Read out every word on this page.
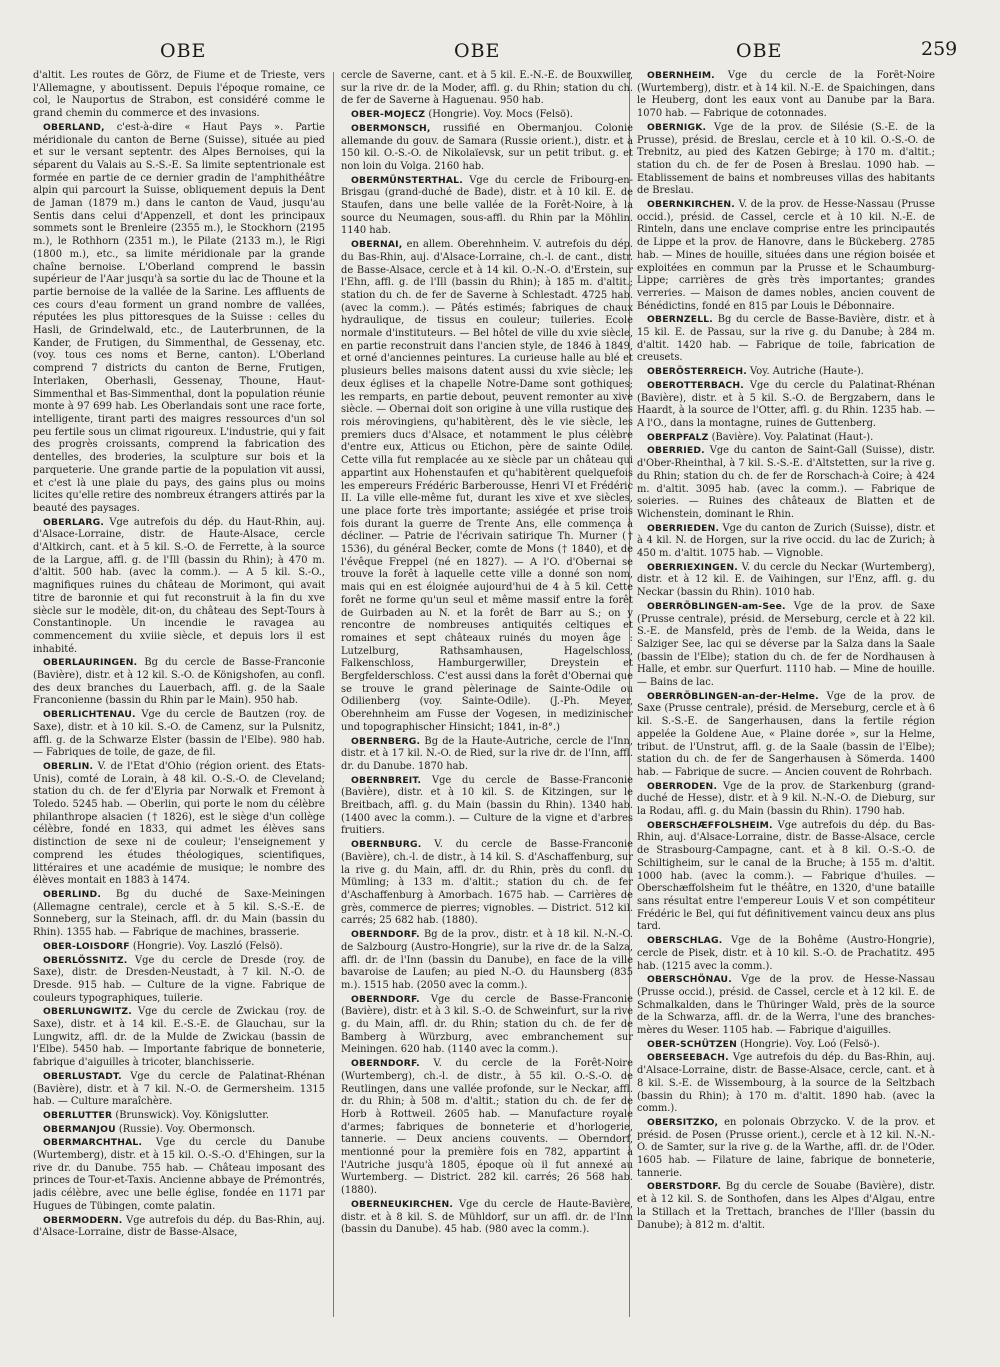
OBE	OBE	OBE	259

d'altit. Les routes de Görz, de Fiume et de Trieste, vers l'Allemagne, y aboutissent. Depuis l'époque romaine, ce col, le Nauportus de Strabon, est considéré comme le grand chemin du commerce et des invasions.

OBERLAND, c'est-à-dire « Haut Pays ». Partie méridionale du canton de Berne (Suisse), située au pied et sur le versant septentr. des Alpes Bernoises, qui la séparent du Valais au S.-S.-E. Sa limite septentrionale est formée en partie de ce dernier gradin de l'amphithéâtre alpin qui parcourt la Suisse, obliquement depuis la Dent de Jaman (1879 m.) dans le canton de Vaud, jusqu'au Sentis dans celui d'Appenzell, et dont les principaux sommets sont le Brenleire (2355 m.), le Stockhorn (2195 m.), le Rothhorn (2351 m.), le Pilate (2133 m.), le Rigi (1800 m.), etc., sa limite méridionale par la grande chaîne bernoise. L'Oberland comprend le bassin supérieur de l'Aar jusqu'à sa sortie du lac de Thoune et la partie bernoise de la vallée de la Sarine. Les affluents de ces cours d'eau forment un grand nombre de vallées, réputées les plus pittoresques de la Suisse : celles du Hasli, de Grindelwald, etc., de Lauterbrunnen, de la Kander, de Frutigen, du Simmenthal, de Gessenay, etc. (voy. tous ces noms et Berne, canton). L'Oberland comprend 7 districts du canton de Berne, Frutigen, Interlaken, Oberhasli, Gessenay, Thoune, Haut-Simmenthal et Bas-Simmenthal, dont la population réunie monte à 97 699 hab. Les Oberlandais sont une race forte, intelligente, tirant parti des maigres ressources d'un sol peu fertile sous un climat rigoureux. L'industrie, qui y fait des progrès croissants, comprend la fabrication des dentelles, des broderies, la sculpture sur bois et la parqueterie. Une grande partie de la population vit aussi, et c'est là une plaie du pays, des gains plus ou moins licites qu'elle retire des nombreux étrangers attirés par la beauté des paysages.

OBERLARG. Vge autrefois du dép. du Haut-Rhin, auj. d'Alsace-Lorraine, distr. de Haute-Alsace, cercle d'Altkirch, cant. et à 5 kil. S.-O. de Ferrette, à la source de la Largue, affl. g. de l'Ill (bassin du Rhin); à 470 m. d'altit. 500 hab. (avec la comm.). — A 5 kil. S.-O., magnifiques ruines du château de Morimont, qui avait titre de baronnie et qui fut reconstruit à la fin du xve siècle sur le modèle, dit-on, du château des Sept-Tours à Constantinople. Un incendie le ravagea au commencement du xviiie siècle, et depuis lors il est inhabité.

OBERLAURINGEN. Bg du cercle de Basse-Franconie (Bavière), distr. et à 12 kil. S.-O. de Königshofen, au confl. des deux branches du Lauerbach, affl. g. de la Saale Franconienne (bassin du Rhin par le Main). 950 hab.

OBERLICHTENAU. Vge du cercle de Bautzen (roy. de Saxe), distr. et à 10 kil. S.-O. de Camenz, sur la Pulsnitz, affl. g. de la Schwarze Elster (bassin de l'Elbe). 980 hab. — Fabriques de toile, de gaze, de fil.

OBERLIN. V. de l'Etat d'Ohio (région orient. des Etats-Unis), comté de Lorain, à 48 kil. O.-S.-O. de Cleveland; station du ch. de fer d'Elyria par Norwalk et Fremont à Toledo. 5245 hab. — Oberlin, qui porte le nom du célèbre philanthrope alsacien († 1826), est le siège d'un collège célèbre, fondé en 1833, qui admet les élèves sans distinction de sexe ni de couleur; l'enseignement y comprend les études théologiques, scientifiques, littéraires et une académie de musique; le nombre des élèves montait en 1883 à 1474.

OBERLIND. Bg du duché de Saxe-Meiningen (Allemagne centrale), cercle et à 5 kil. S.-S.-E. de Sonneberg, sur la Steinach, affl. dr. du Main (bassin du Rhin). 1355 hab. — Fabrique de machines, brasserie.

OBER-LOISDORF (Hongrie). Voy. Laszló (Felsö).

OBERLÖSSNITZ. Vge du cercle de Dresde (roy. de Saxe), distr. de Dresden-Neustadt, à 7 kil. N.-O. de Dresde. 915 hab. — Culture de la vigne. Fabrique de couleurs typographiques, tuilerie.

OBERLUNGWITZ. Vge du cercle de Zwickau (roy. de Saxe), distr. et à 14 kil. E.-S.-E. de Glauchau, sur la Lungwitz, affl. dr. de la Mulde de Zwickau (bassin de l'Elbe). 5450 hab. — Importante fabrique de bonneterie, fabrique d'aiguilles à tricoter, blanchisserie.

OBERLUSTADT. Vge du cercle de Palatinat-Rhénan (Bavière), distr. et à 7 kil. N.-O. de Germersheim. 1315 hab. — Culture maraîchère.

OBERLUTTER (Brunswick). Voy. Königslutter.

OBERMANJOU (Russie). Voy. Obermonsch.

OBERMARCHTHAL. Vge du cercle du Danube (Wurtemberg), distr. et à 15 kil. O.-S.-O. d'Ehingen, sur la rive dr. du Danube. 755 hab. — Château imposant des princes de Tour-et-Taxis. Ancienne abbaye de Prémontrés, jadis célèbre, avec une belle église, fondée en 1171 par Hugues de Tübingen, comte palatin.

OBERMODERN. Vge autrefois du dép. du Bas-Rhin, auj. d'Alsace-Lorraine, distr de Basse-Alsace,

cercle de Saverne, cant. et à 5 kil. E.-N.-E. de Bouxwiller, sur la rive dr. de la Moder, affl. g. du Rhin; station du ch. de fer de Saverne à Haguenau. 950 hab.

OBER-MOJECZ (Hongrie). Voy. Mocs (Felsö).

OBERMONSCH, russifié en Obermanjou. Colonie allemande du gouv. de Samara (Russie orient.), distr. et à 150 kil. O.-S.-O. de Nikolaïevsk, sur un petit tribut. g. et non loin du Volga. 2160 hab.

OBERMÜNSTERTHAL. Vge du cercle de Fribourg-en-Brisgau (grand-duché de Bade), distr. et à 10 kil. E. de Staufen, dans une belle vallée de la Forêt-Noire, à la source du Neumagen, sous-affl. du Rhin par la Möhlin. 1140 hab.

OBERNAI, en allem. Oberehnheim. V. autrefois du dép. du Bas-Rhin, auj. d'Alsace-Lorraine, ch.-l. de cant., distr. de Basse-Alsace, cercle et à 14 kil. O.-N.-O. d'Erstein, sur l'Ehn, affl. g. de l'Ill (bassin du Rhin); à 185 m. d'altit.; station du ch. de fer de Saverne à Schlestadt. 4725 hab. (avec la comm.). — Pâtés estimés; fabriques de chaux hydraulique, de tissus en couleur; tuileries. Ecole normale d'instituteurs. — Bel hôtel de ville du xvie siècle, en partie reconstruit dans l'ancien style, de 1846 à 1849, et orné d'anciennes peintures. La curieuse halle au blé et plusieurs belles maisons datent aussi du xvie siècle; les deux églises et la chapelle Notre-Dame sont gothiques; les remparts, en partie debout, peuvent remonter au xive siècle. — Obernai doit son origine à une villa rustique des rois mérovingiens, qu'habitèrent, dès le vie siècle, les premiers ducs d'Alsace, et notamment le plus célèbre d'entre eux, Atticus ou Etichon, père de sainte Odile. Cette villa fut remplacée au xe siècle par un château qui appartint aux Hohenstaufen et qu'habitèrent quelquefois les empereurs Frédéric Barberousse, Henri VI et Frédéric II. La ville elle-même fut, durant les xive et xve siècles, une place forte très importante; assiégée et prise trois fois durant la guerre de Trente Ans, elle commença à décliner. — Patrie de l'écrivain satirique Th. Murner († 1536), du général Becker, comte de Mons († 1840), et de l'évêque Freppel (né en 1827). — A l'O. d'Obernai se trouve la forêt à laquelle cette ville a donné son nom, mais qui en est éloignée aujourd'hui de 4 à 5 kil. Cette forêt ne forme qu'un seul et même massif entre la forêt de Guirbaden au N. et la forêt de Barr au S.; on y rencontre de nombreuses antiquités celtiques et romaines et sept châteaux ruinés du moyen âge : Lutzelburg, Rathsamhausen, Hagelschloss, Falkenschloss, Hamburgerwiller, Dreystein et Bergfelderschloss. C'est aussi dans la forêt d'Obernai que se trouve le grand pèlerinage de Sainte-Odile ou Odilienberg (voy. Sainte-Odile). (J.-Ph. Meyer, Oberehnheim am Fusse der Vogesen, in medizinischer und topographischer Hinsicht; 1841, in-8°.)

OBERNBERG. Bg de la Haute-Autriche, cercle de l'Inn, distr. et à 17 kil. N.-O. de Ried, sur la rive dr. de l'Inn, affl. dr. du Danube. 1870 hab.

OBERNBREIT. Vge du cercle de Basse-Franconie (Bavière), distr. et à 10 kil. S. de Kitzingen, sur le Breitbach, affl. g. du Main (bassin du Rhin). 1340 hab. (1400 avec la comm.). — Culture de la vigne et d'arbres fruitiers.

OBERNBURG. V. du cercle de Basse-Franconie (Bavière), ch.-l. de distr., à 14 kil. S. d'Aschaffenburg, sur la rive g. du Main, affl. dr. du Rhin, près du confl. du Mümling; à 133 m. d'altit.; station du ch. de fer d'Aschaffenburg à Amorbach. 1675 hab. — Carrières de grès, commerce de pierres; vignobles. — District. 512 kil. carrés; 25 682 hab. (1880).

OBERNDORF. Bg de la prov., distr. et à 18 kil. N.-N.-O. de Salzbourg (Austro-Hongrie), sur la rive dr. de la Salza, affl. dr. de l'Inn (bassin du Danube), en face de la ville bavaroise de Laufen; au pied N.-O. du Haunsberg (835 m.). 1515 hab. (2050 avec la comm.).

OBERNDORF. Vge du cercle de Basse-Franconie (Bavière), distr. et à 3 kil. S.-O. de Schweinfurt, sur la rive g. du Main, affl. dr. du Rhin; station du ch. de fer de Bamberg à Würzburg, avec embranchement sur Meiningen. 620 hab. (1140 avec la comm.).

OBERNDORF. V. du cercle de la Forêt-Noire (Wurtemberg), ch.-l. de distr., à 55 kil. O.-S.-O. de Reutlingen, dans une vallée profonde, sur le Neckar, affl. dr. du Rhin; à 508 m. d'altit.; station du ch. de fer de Horb à Rottweil. 2605 hab. — Manufacture royale d'armes; fabriques de bonneterie et d'horlogerie, tannerie. — Deux anciens couvents. — Oberndorf, mentionné pour la première fois en 782, appartint à l'Autriche jusqu'à 1805, époque où il fut annexé au Wurtemberg. — District. 282 kil. carrés; 26 568 hab. (1880).

OBERNEUKIRCHEN. Vge du cercle de Haute-Bavière, distr. et à 8 kil. S. de Mühldorf, sur un affl. dr. de l'Inn (bassin du Danube). 45 hab. (980 avec la comm.).

OBERNHEIM. Vge du cercle de la Forêt-Noire (Wurtemberg), distr. et à 14 kil. N.-E. de Spaichingen, dans le Heuberg, dont les eaux vont au Danube par la Bara. 1070 hab. — Fabrique de cotonnades.

OBERNIGK. Vge de la prov. de Silésie (S.-E. de la Prusse), présid. de Breslau, cercle et à 10 kil. O.-S.-O. de Trebnitz, au pied des Katzen Gebirge; à 170 m. d'altit.; station du ch. de fer de Posen à Breslau. 1090 hab. — Etablissement de bains et nombreuses villas des habitants de Breslau.

OBERNKIRCHEN. V. de la prov. de Hesse-Nassau (Prusse occid.), présid. de Cassel, cercle et à 10 kil. N.-E. de Rinteln, dans une enclave comprise entre les principautés de Lippe et la prov. de Hanovre, dans le Bückeberg. 2785 hab. — Mines de houille, situées dans une région boisée et exploitées en commun par la Prusse et le Schaumburg-Lippe; carrières de grès très importantes; grandes verreries. — Maison de dames nobles, ancien couvent de Bénédictins, fondé en 815 par Louis le Débonnaire.

OBERNZELL. Bg du cercle de Basse-Bavière, distr. et à 15 kil. E. de Passau, sur la rive g. du Danube; à 284 m. d'altit. 1420 hab. — Fabrique de toile, fabrication de creusets.

OBERÖSTERREICH. Voy. Autriche (Haute-).

OBEROTTERBACH. Vge du cercle du Palatinat-Rhénan (Bavière), distr. et à 5 kil. S.-O. de Bergzabern, dans le Haardt, à la source de l'Otter, affl. g. du Rhin. 1235 hab. — A l'O., dans la montagne, ruines de Guttenberg.

OBERPFALZ (Bavière). Voy. Palatinat (Haut-).

OBERRIED. Vge du canton de Saint-Gall (Suisse), distr. d'Ober-Rheinthal, à 7 kil. S.-S.-E. d'Altstetten, sur la rive g. du Rhin; station du ch. de fer de Rorschach-à Coire; à 424 m. d'altit. 3095 hab. (avec la comm.). — Fabrique de soieries. — Ruines des châteaux de Blatten et de Wichenstein, dominant le Rhin.

OBERRIEDEN. Vge du canton de Zurich (Suisse), distr. et à 4 kil. N. de Horgen, sur la rive occid. du lac de Zurich; à 450 m. d'altit. 1075 hab. — Vignoble.

OBERRIEXINGEN. V. du cercle du Neckar (Wurtemberg), distr. et à 12 kil. E. de Vaihingen, sur l'Enz, affl. g. du Neckar (bassin du Rhin). 1010 hab.

OBERRÖBLINGEN-am-See. Vge de la prov. de Saxe (Prusse centrale), présid. de Merseburg, cercle et à 22 kil. S.-E. de Mansfeld, près de l'emb. de la Weida, dans le Salziger See, lac qui se déverse par la Salza dans la Saale (bassin de l'Elbe); station du ch. de fer de Nordhausen à Halle, et embr. sur Querfurt. 1110 hab. — Mine de houille. — Bains de lac.

OBERRÖBLINGEN-an-der-Helme. Vge de la prov. de Saxe (Prusse centrale), présid. de Merseburg, cercle et à 6 kil. S.-S.-E. de Sangerhausen, dans la fertile région appelée la Goldene Aue, « Plaine dorée », sur la Helme, tribut. de l'Unstrut, affl. g. de la Saale (bassin de l'Elbe); station du ch. de fer de Sangerhausen à Sömerda. 1400 hab. — Fabrique de sucre. — Ancien couvent de Rohrbach.

OBERRODEN. Vge de la prov. de Starkenburg (grand-duché de Hesse), distr. et à 9 kil. N.-N.-O. de Dieburg, sur la Rodau, affl. g. du Main (bassin du Rhin). 1790 hab.

OBERSCHÆFFOLSHEIM. Vge autrefois du dép. du Bas-Rhin, auj. d'Alsace-Lorraine, distr. de Basse-Alsace, cercle de Strasbourg-Campagne, cant. et à 8 kil. O.-S.-O. de Schiltigheim, sur le canal de la Bruche; à 155 m. d'altit. 1000 hab. (avec la comm.). — Fabrique d'huiles. — Oberschæffolsheim fut le théâtre, en 1320, d'une bataille sans résultat entre l'empereur Louis V et son compétiteur Frédéric le Bel, qui fut définitivement vaincu deux ans plus tard.

OBERSCHLAG. Vge de la Bohême (Austro-Hongrie), cercle de Pisek, distr. et à 10 kil. S.-O. de Prachatitz. 495 hab. (1215 avec la comm.).

OBERSCHÖNAU. Vge de la prov. de Hesse-Nassau (Prusse occid.), présid. de Cassel, cercle et à 12 kil. E. de Schmalkalden, dans le Thüringer Wald, près de la source de la Schwarza, affl. dr. de la Werra, l'une des branches-mères du Weser. 1105 hab. — Fabrique d'aiguilles.

OBER-SCHÜTZEN (Hongrie). Voy. Loó (Felsö-).

OBERSEEBACH. Vge autrefois du dép. du Bas-Rhin, auj. d'Alsace-Lorraine, distr. de Basse-Alsace, cercle, cant. et à 8 kil. S.-E. de Wissembourg, à la source de la Seltzbach (bassin du Rhin); à 170 m. d'altit. 1890 hab. (avec la comm.).

OBERSITZKO, en polonais Obrzycko. V. de la prov. et présid. de Posen (Prusse orient.), cercle et à 12 kil. N.-N.-O. de Samter, sur la rive g. de la Warthe, affl. dr. de l'Oder. 1605 hab. — Filature de laine, fabrique de bonneterie, tannerie.

OBERSTDORF. Bg du cercle de Souabe (Bavière), distr. et à 12 kil. S. de Sonthofen, dans les Alpes d'Algau, entre la Stillach et la Trettach, branches de l'Iller (bassin du Danube); à 812 m. d'altit.
